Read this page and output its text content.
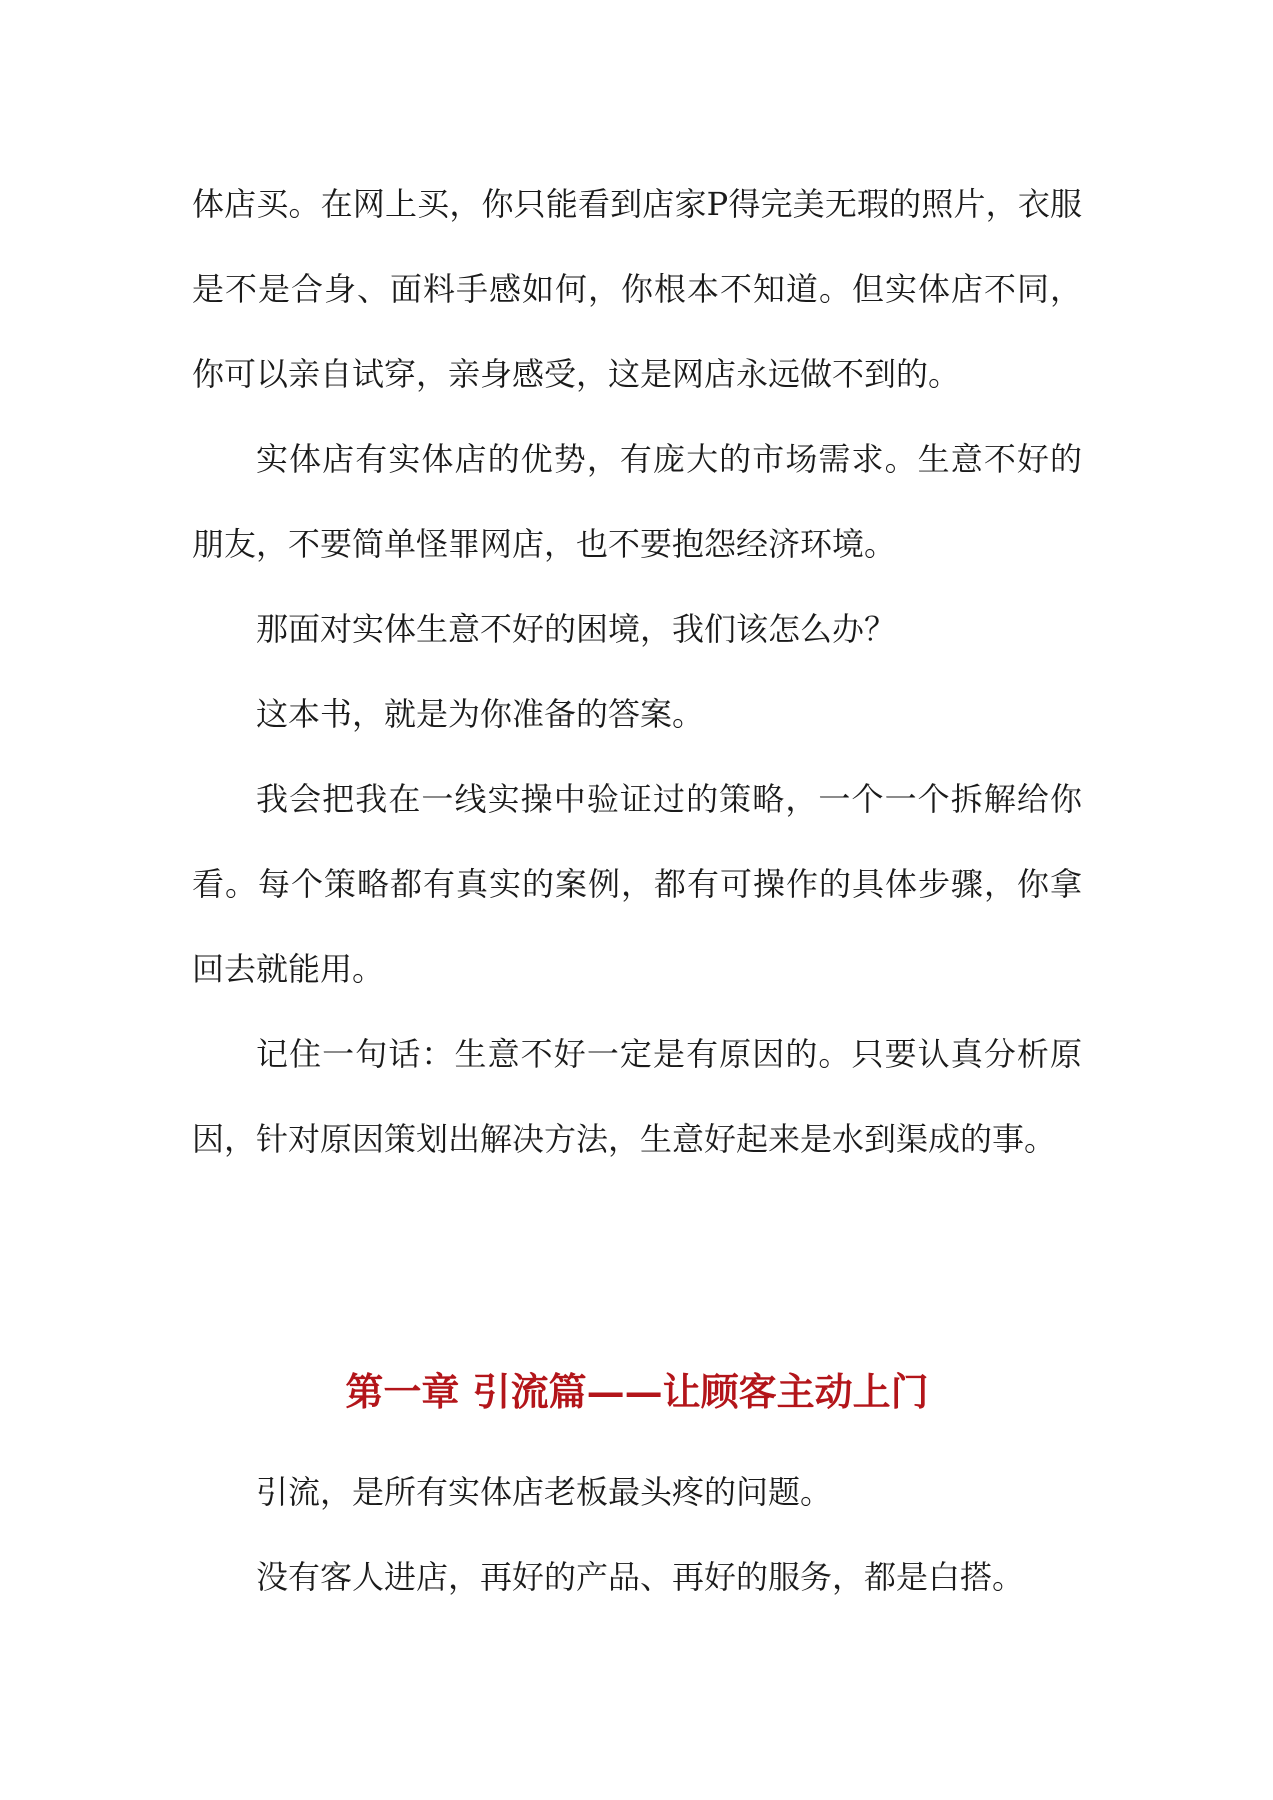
体店买。在网上买，你只能看到店家P得完美无瑕的照片，衣服是不是合身、面料手感如何，你根本不知道。但实体店不同，你可以亲自试穿，亲身感受，这是网店永远做不到的。

实体店有实体店的优势，有庞大的市场需求。生意不好的朋友，不要简单怪罪网店，也不要抱怨经济环境。

那面对实体生意不好的困境，我们该怎么办？

这本书，就是为你准备的答案。

我会把我在一线实操中验证过的策略，一个一个拆解给你看。每个策略都有真实的案例，都有可操作的具体步骤，你拿回去就能用。

记住一句话：生意不好一定是有原因的。只要认真分析原因，针对原因策划出解决方法，生意好起来是水到渠成的事。

第一章 引流篇——让顾客主动上门

引流，是所有实体店老板最头疼的问题。

没有客人进店，再好的产品、再好的服务，都是白搭。
